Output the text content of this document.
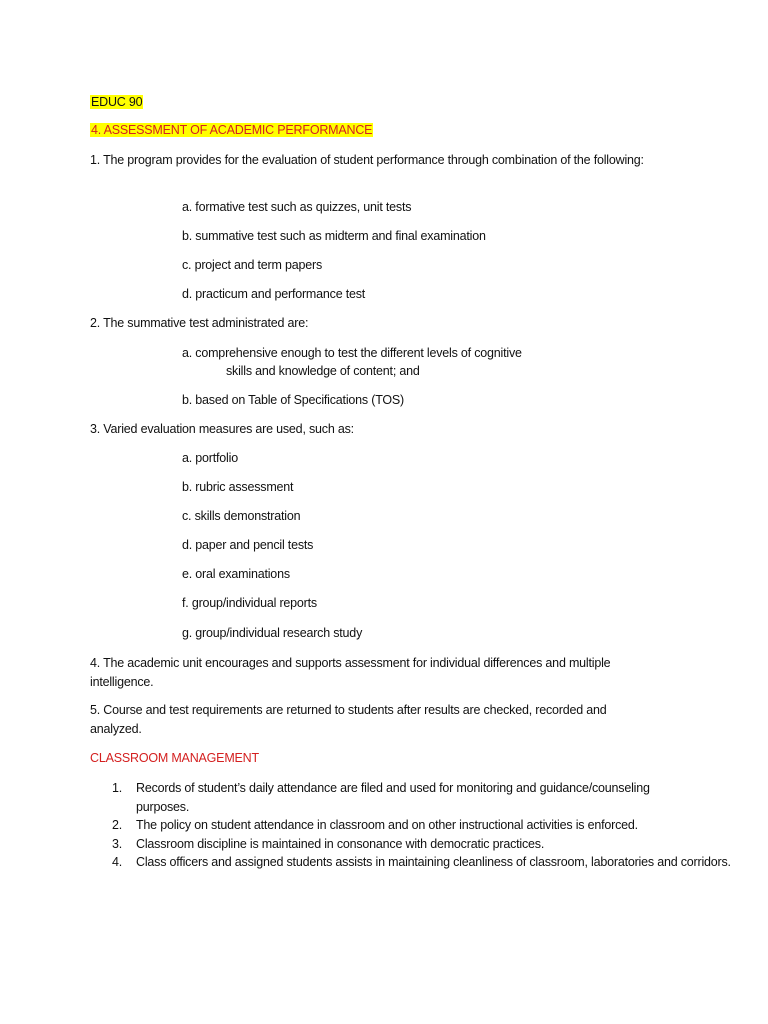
EDUC 90
4. ASSESSMENT OF ACADEMIC PERFORMANCE
1. The program provides for the evaluation of student performance through combination of the following:
a. formative test such as quizzes, unit tests
b. summative test such as midterm and final examination
c. project and term papers
d. practicum and performance test
2. The summative test administrated are:
a. comprehensive enough to test the different levels of cognitive
skills and knowledge of content; and
b. based on Table of Specifications (TOS)
3. Varied evaluation measures are used, such as:
a. portfolio
b. rubric assessment
c. skills demonstration
d. paper and pencil tests
e. oral examinations
f. group/individual reports
g. group/individual research study
4. The academic unit encourages and supports assessment for individual differences and multiple intelligence.
5. Course and test requirements are returned to students after results are checked, recorded and analyzed.
CLASSROOM MANAGEMENT
1. Records of student’s daily attendance are filed and used for monitoring and guidance/counseling purposes.
2. The policy on student attendance in classroom and on other instructional activities is enforced.
3. Classroom discipline is maintained in consonance with democratic practices.
4. Class officers and assigned students assists in maintaining cleanliness of classroom, laboratories and corridors.
